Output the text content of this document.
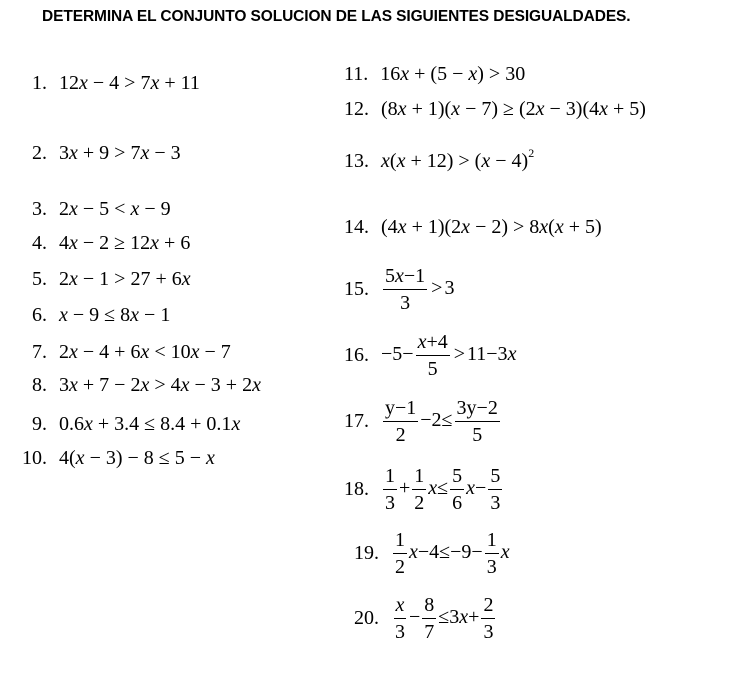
DETERMINA EL CONJUNTO SOLUCION DE LAS SIGUIENTES DESIGUALDADES.
1. 12x − 4 > 7x + 11
2. 3x + 9 > 7x − 3
3. 2x − 5 < x − 9
4. 4x − 2 ≥ 12x + 6
5. 2x − 1 > 27 + 6x
6. x − 9 ≤ 8x − 1
7. 2x − 4 + 6x < 10x − 7
8. 3x + 7 − 2x > 4x − 3 + 2x
9. 0.6x + 3.4 ≤ 8.4 + 0.1x
10. 4(x − 3) − 8 ≤ 5 − x
11. 16x + (5 − x) > 30
12. (8x + 1)(x − 7) ≥ (2x − 3)(4x + 5)
13. $x(x + 12) > (x - 4)^2$
14. (4x + 1)(2x − 2) > 8x(x + 5)
15. $\frac{5x-1}{3} > 3$
16. $-5- \frac{x+4}{5} > 11-3x$
17. $\frac{y-1}{2} -2\le \frac{3y-2}{5}$
18. $\frac{1}{3} + \frac{1}{2} x\le \frac{5}{6} x- \frac{5}{3}$
19. $\frac{1}{2} x-4\le-9- \frac{1}{3}$ x
20. $\frac{x}{3} - \frac{8}{7} \le 3x+ \frac{2}{3}$
